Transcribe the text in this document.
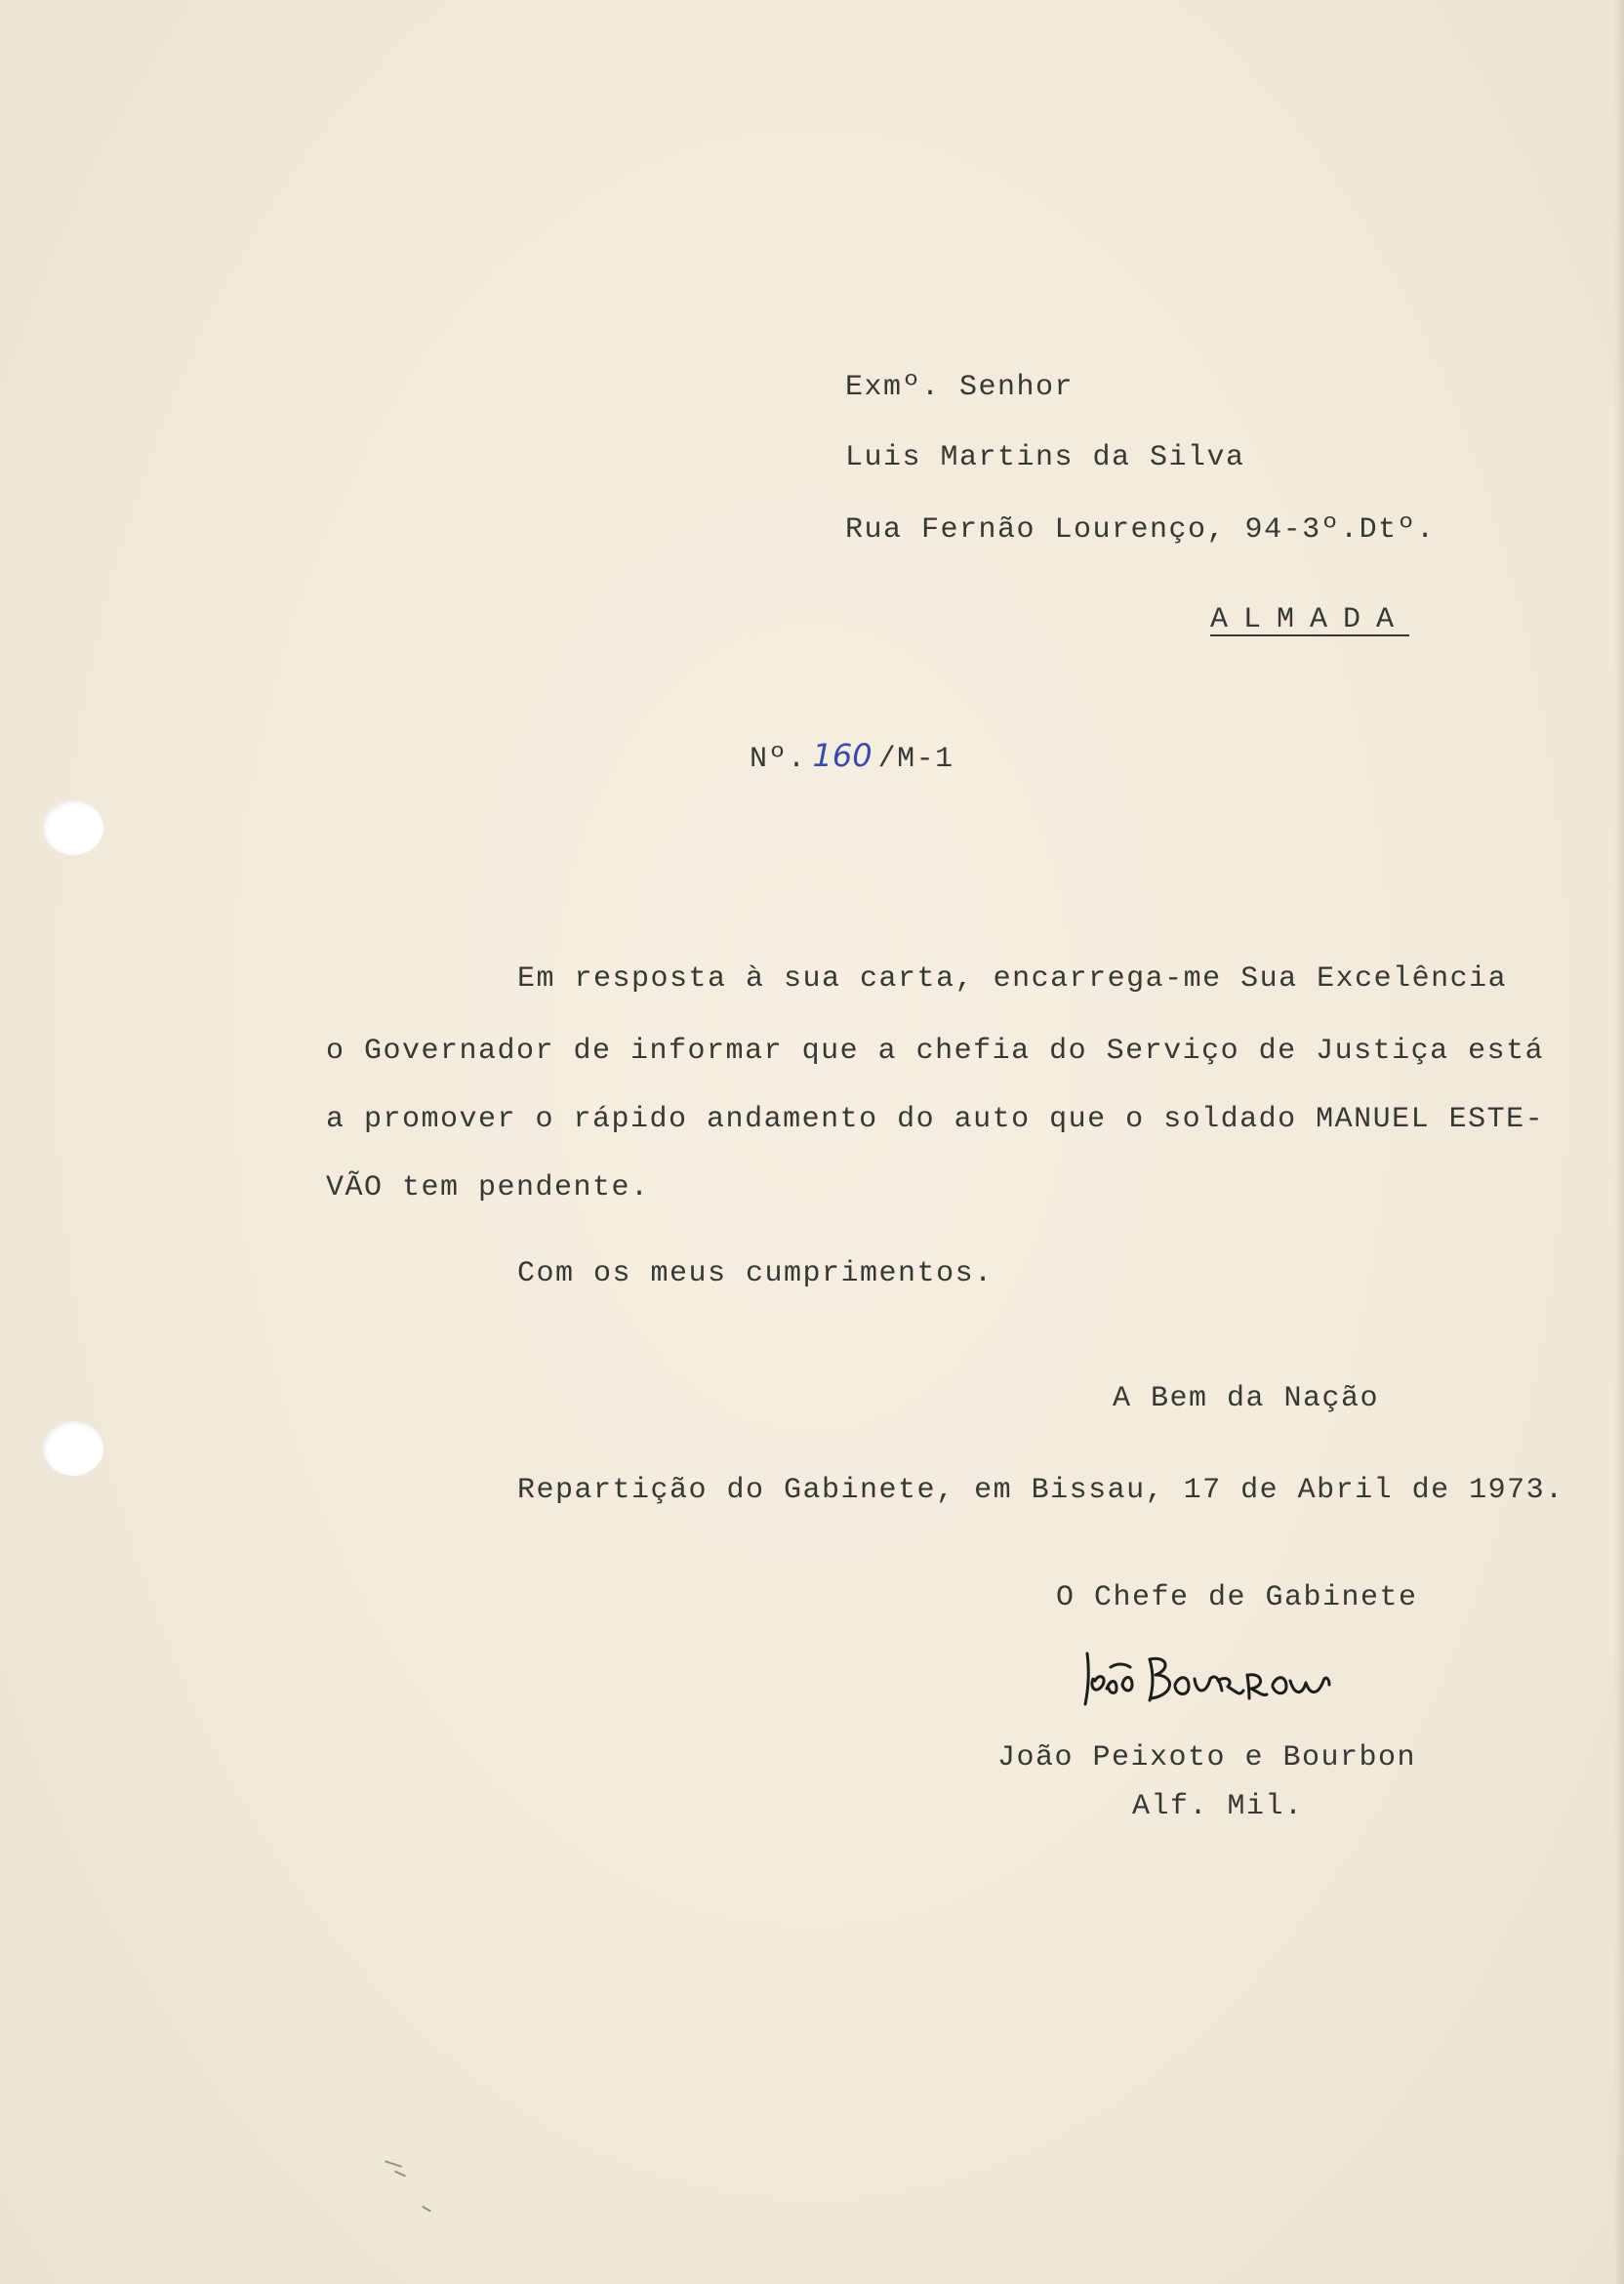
Exmº. Senhor
Luis Martins da Silva
Rua Fernão Lourenço, 94-3º.Dtº.
ALMADA
Nº. 160 /M-1
Em resposta à sua carta, encarrega-me Sua Excelência
o Governador de informar que a chefia do Serviço de Justiça está
a promover o rápido andamento do auto que o soldado MANUEL ESTE-
VÃO tem pendente.
Com os meus cumprimentos.
A Bem da Nação
Repartição do Gabinete, em Bissau, 17 de Abril de 1973.
O Chefe de Gabinete
João Peixoto e Bourbon
Alf. Mil.
